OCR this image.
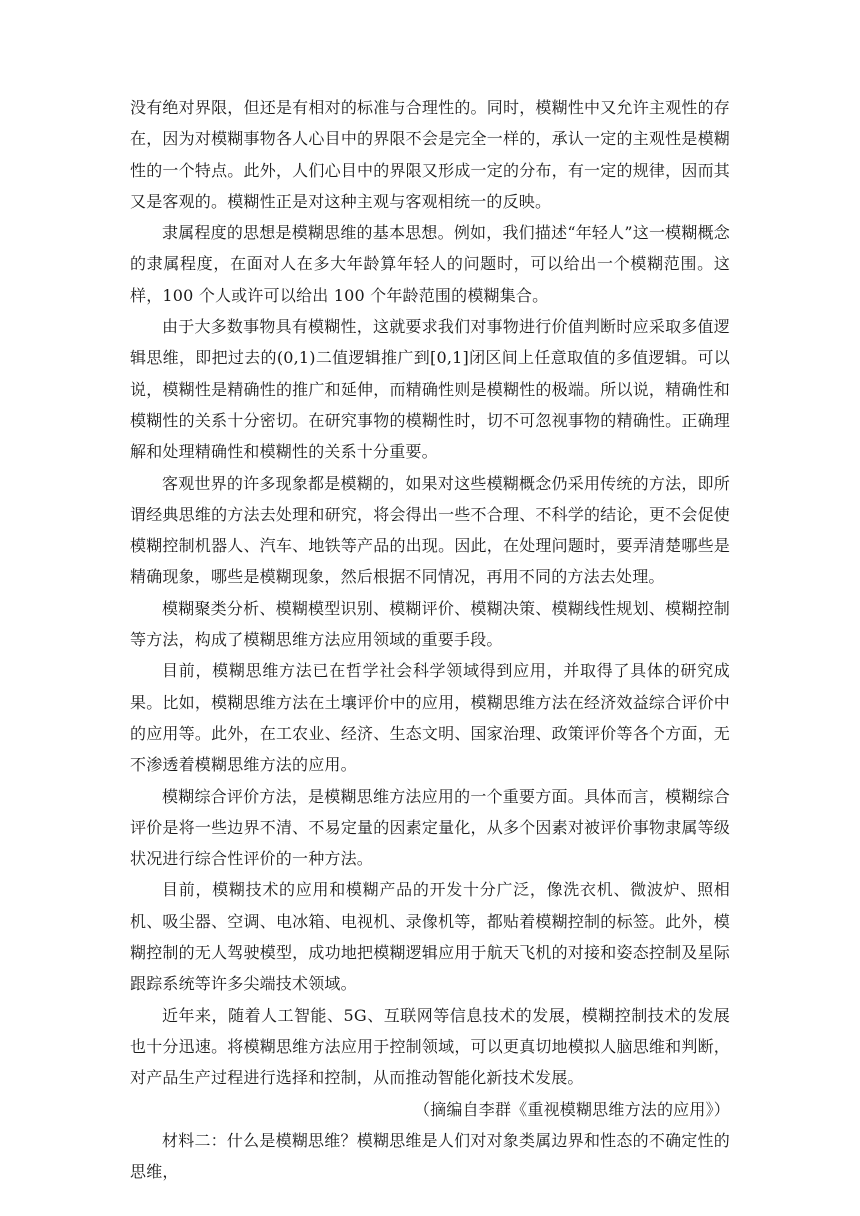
没有绝对界限，但还是有相对的标准与合理性的。同时，模糊性中又允许主观性的存在，因为对模糊事物各人心目中的界限不会是完全一样的，承认一定的主观性是模糊性的一个特点。此外，人们心目中的界限又形成一定的分布，有一定的规律，因而其又是客观的。模糊性正是对这种主观与客观相统一的反映。

隶属程度的思想是模糊思维的基本思想。例如，我们描述“年轻人”这一模糊概念的隶属程度，在面对人在多大年龄算年轻人的问题时，可以给出一个模糊范围。这样，100 个人或许可以给出 100 个年龄范围的模糊集合。

由于大多数事物具有模糊性，这就要求我们对事物进行价值判断时应采取多值逻辑思维，即把过去的(0,1)二值逻辑推广到[0,1]闭区间上任意取值的多值逻辑。可以说，模糊性是精确性的推广和延伸，而精确性则是模糊性的极端。所以说，精确性和模糊性的关系十分密切。在研究事物的模糊性时，切不可忽视事物的精确性。正确理解和处理精确性和模糊性的关系十分重要。

客观世界的许多现象都是模糊的，如果对这些模糊概念仍采用传统的方法，即所谓经典思维的方法去处理和研究，将会得出一些不合理、不科学的结论，更不会促使模糊控制机器人、汽车、地铁等产品的出现。因此，在处理问题时，要弄清楚哪些是精确现象，哪些是模糊现象，然后根据不同情况，再用不同的方法去处理。

模糊聚类分析、模糊模型识别、模糊评价、模糊决策、模糊线性规划、模糊控制等方法，构成了模糊思维方法应用领域的重要手段。

目前，模糊思维方法已在哲学社会科学领域得到应用，并取得了具体的研究成果。比如，模糊思维方法在土壤评价中的应用，模糊思维方法在经济效益综合评价中的应用等。此外，在工农业、经济、生态文明、国家治理、政策评价等各个方面，无不渗透着模糊思维方法的应用。

模糊综合评价方法，是模糊思维方法应用的一个重要方面。具体而言，模糊综合评价是将一些边界不清、不易定量的因素定量化，从多个因素对被评价事物隶属等级状况进行综合性评价的一种方法。

目前，模糊技术的应用和模糊产品的开发十分广泛，像洗衣机、微波炉、照相机、吸尘器、空调、电冰箱、电视机、录像机等，都贴着模糊控制的标签。此外，模糊控制的无人驾驶模型，成功地把模糊逻辑应用于航天飞机的对接和姿态控制及星际跟踪系统等许多尖端技术领域。

近年来，随着人工智能、5G、互联网等信息技术的发展，模糊控制技术的发展也十分迅速。将模糊思维方法应用于控制领域，可以更真切地模拟人脑思维和判断，对产品生产过程进行选择和控制，从而推动智能化新技术发展。

（摘编自李群《重视模糊思维方法的应用》）

材料二：什么是模糊思维？模糊思维是人们对对象类属边界和性态的不确定性的思维，
